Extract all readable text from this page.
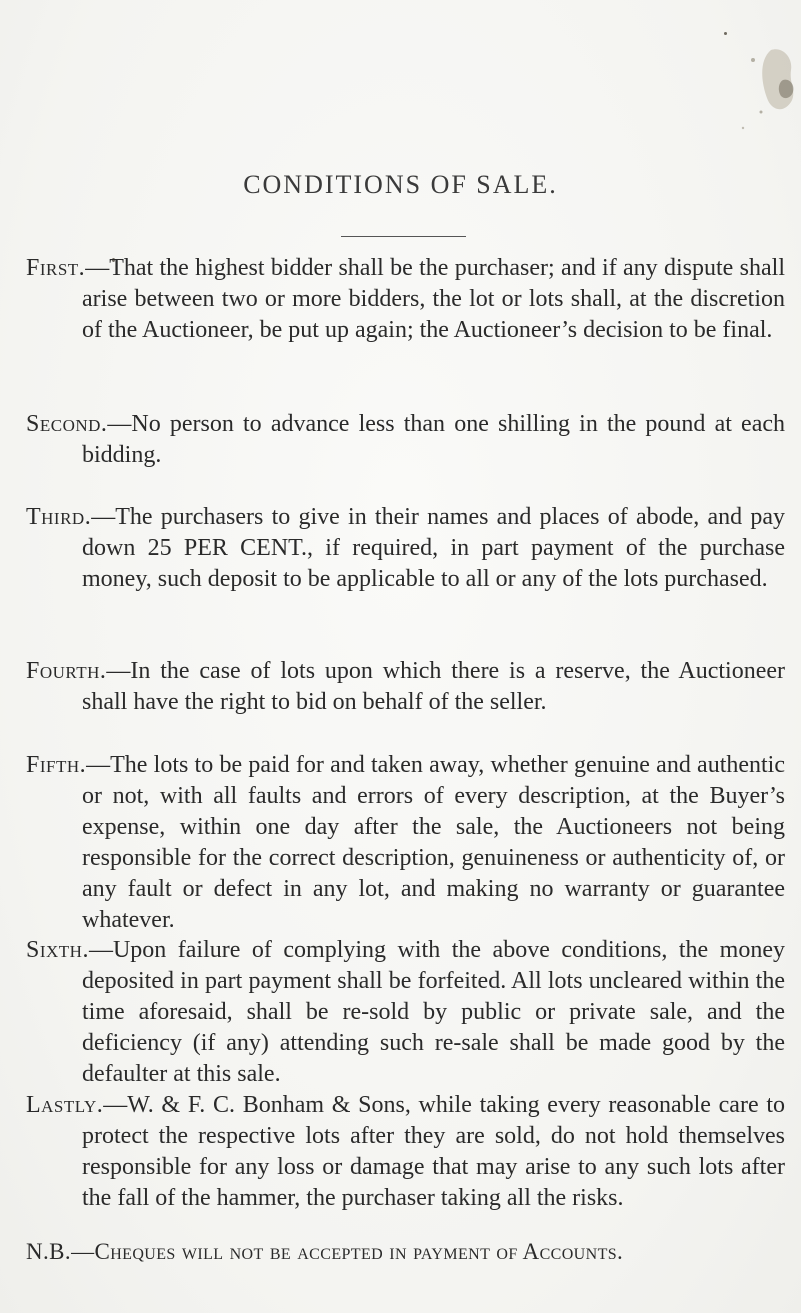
CONDITIONS OF SALE.

First.—That the highest bidder shall be the purchaser; and if any dispute shall arise between two or more bidders, the lot or lots shall, at the discretion of the Auctioneer, be put up again; the Auctioneer’s decision to be final.

Second.—No person to advance less than one shilling in the pound at each bidding.

Third.—The purchasers to give in their names and places of abode, and pay down 25 PER CENT., if required, in part payment of the purchase money, such deposit to be applicable to all or any of the lots purchased.

Fourth.—In the case of lots upon which there is a reserve, the Auctioneer shall have the right to bid on behalf of the seller.

Fifth.—The lots to be paid for and taken away, whether genuine and authentic or not, with all faults and errors of every description, at the Buyer’s expense, within one day after the sale, the Auctioneers not being responsible for the correct description, genuineness or authenticity of, or any fault or defect in any lot, and making no warranty or guarantee whatever.

Sixth.—Upon failure of complying with the above conditions, the money deposited in part payment shall be forfeited. All lots uncleared within the time aforesaid, shall be re-sold by public or private sale, and the deficiency (if any) attending such re-sale shall be made good by the defaulter at this sale.

Lastly.—W. & F. C. Bonham & Sons, while taking every reasonable care to protect the respective lots after they are sold, do not hold themselves responsible for any loss or damage that may arise to any such lots after the fall of the hammer, the purchaser taking all the risks.

N.B.—Cheques will not be accepted in payment of Accounts.
